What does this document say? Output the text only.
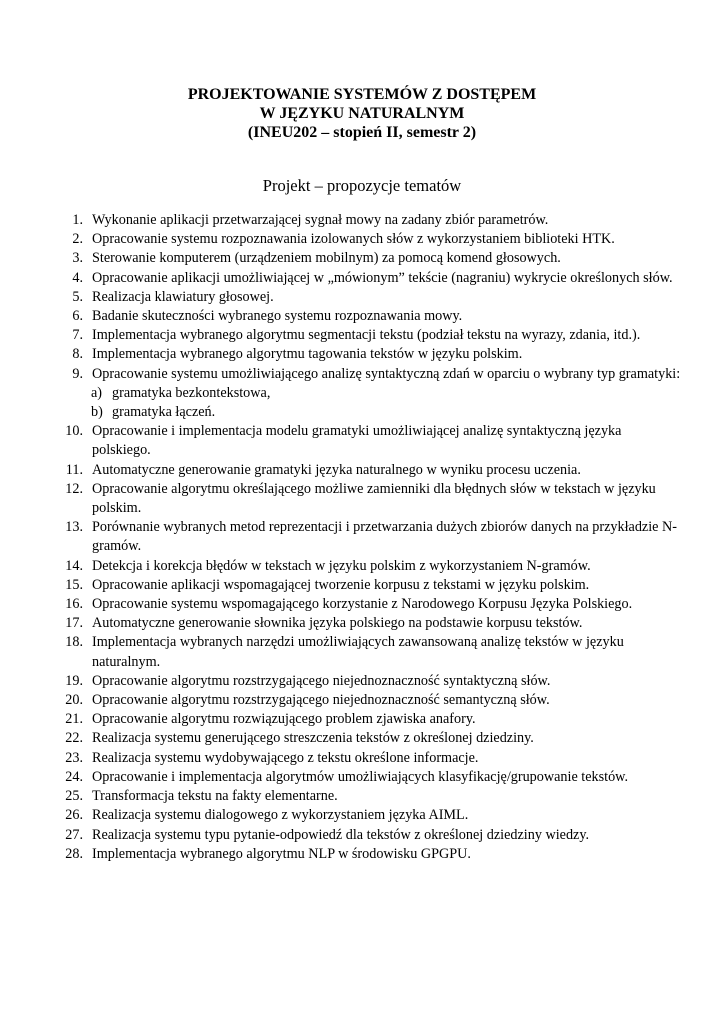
PROJEKTOWANIE SYSTEMÓW Z DOSTĘPEM
W JĘZYKU NATURALNYM
(INEU202 – stopień II, semestr 2)
Projekt – propozycje tematów
1. Wykonanie aplikacji przetwarzającej sygnał mowy na zadany zbiór parametrów.
2. Opracowanie systemu rozpoznawania izolowanych słów z wykorzystaniem biblioteki HTK.
3. Sterowanie komputerem (urządzeniem mobilnym) za pomocą komend głosowych.
4. Opracowanie aplikacji umożliwiającej w „mówionym” tekście (nagraniu) wykrycie określonych słów.
5. Realizacja klawiatury głosowej.
6. Badanie skuteczności wybranego systemu rozpoznawania mowy.
7. Implementacja wybranego algorytmu segmentacji tekstu (podział tekstu na wyrazy, zdania, itd.).
8. Implementacja wybranego algorytmu tagowania tekstów w języku polskim.
9. Opracowanie systemu umożliwiającego analizę syntaktyczną zdań w oparciu o wybrany typ gramatyki:
a) gramatyka bezkontekstowa,
b) gramatyka łączeń.
10. Opracowanie i implementacja modelu gramatyki umożliwiającej analizę syntaktyczną języka polskiego.
11. Automatyczne generowanie gramatyki języka naturalnego w wyniku procesu uczenia.
12. Opracowanie algorytmu określającego możliwe zamienniki dla błędnych słów w tekstach w języku polskim.
13. Porównanie wybranych metod reprezentacji i przetwarzania dużych zbiorów danych na przykładzie N-gramów.
14. Detekcja i korekcja błędów w tekstach w języku polskim z wykorzystaniem N-gramów.
15. Opracowanie aplikacji wspomagającej tworzenie korpusu z tekstami w języku polskim.
16. Opracowanie systemu wspomagającego korzystanie z Narodowego Korpusu Języka Polskiego.
17. Automatyczne generowanie słownika języka polskiego na podstawie korpusu tekstów.
18. Implementacja wybranych narzędzi umożliwiających zawansowaną analizę tekstów w języku naturalnym.
19. Opracowanie algorytmu rozstrzygającego niejednoznaczność syntaktyczną słów.
20. Opracowanie algorytmu rozstrzygającego niejednoznaczność semantyczną słów.
21. Opracowanie algorytmu rozwiązującego problem zjawiska anafory.
22. Realizacja systemu generującego streszczenia tekstów z określonej dziedziny.
23. Realizacja systemu wydobywającego z tekstu określone informacje.
24. Opracowanie i implementacja algorytmów umożliwiających klasyfikację/grupowanie tekstów.
25. Transformacja tekstu na fakty elementarne.
26. Realizacja systemu dialogowego z wykorzystaniem języka AIML.
27. Realizacja systemu typu pytanie-odpowiedź dla tekstów z określonej dziedziny wiedzy.
28. Implementacja wybranego algorytmu NLP w środowisku GPGPU.
